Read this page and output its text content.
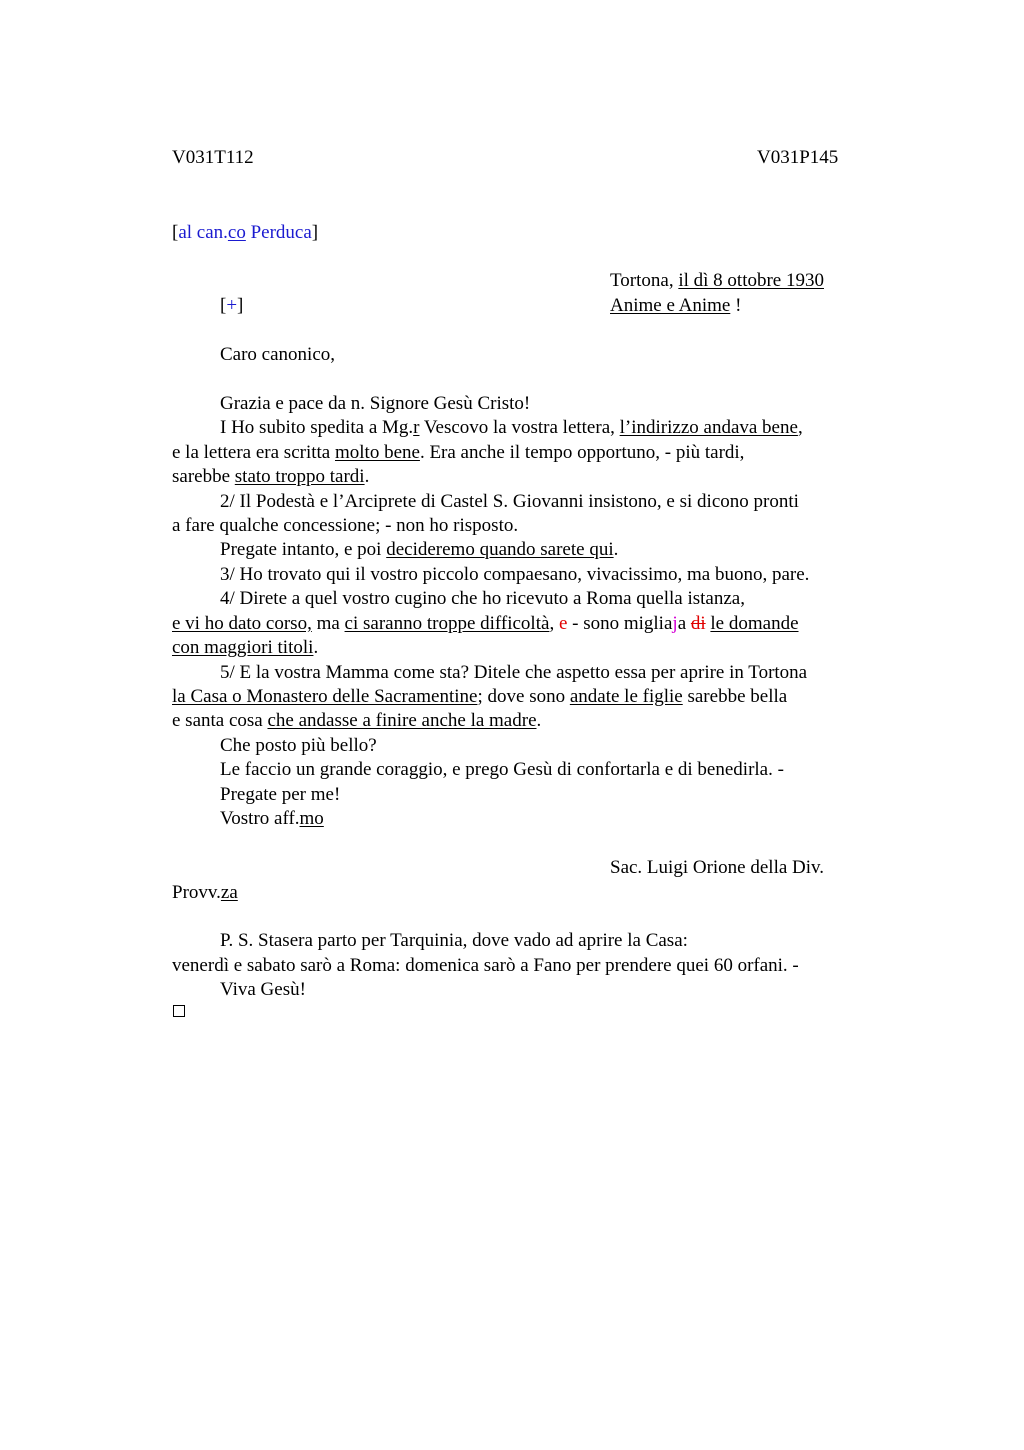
V031T112	V031P145
[al can.co Perduca]
Tortona, il dì 8 ottobre 1930
[+]	Anime e Anime !
Caro canonico,
Grazia e pace da n. Signore Gesù Cristo!
I Ho subito spedita a Mg.r Vescovo la vostra lettera, l’indirizzo andava bene,
e la lettera era scritta molto bene. Era anche il tempo opportuno, - più tardi,
sarebbe stato troppo tardi.
2/ Il Podestà e l’Arciprete di Castel S. Giovanni insistono, e si dicono pronti
a fare qualche concessione; - non ho risposto.
Pregate intanto, e poi decideremo quando sarete qui.
3/ Ho trovato qui il vostro piccolo compaesano, vivacissimo, ma buono, pare.
4/ Direte a quel vostro cugino che ho ricevuto a Roma quella istanza,
e vi ho dato corso, ma ci saranno troppe difficoltà, e - sono migliaja di le domande
con maggiori titoli.
5/ E la vostra Mamma come sta? Ditele che aspetto essa per aprire in Tortona
la Casa o Monastero delle Sacramentine; dove sono andate le figlie sarebbe bella
e santa cosa che andasse a finire anche la madre.
Che posto più bello?
Le faccio un grande coraggio, e prego Gesù di confortarla e di benedirla. -
Pregate per me!
Vostro aff.mo
Sac. Luigi Orione della Div.
Provv.za
P. S. Stasera parto per Tarquinia, dove vado ad aprire la Casa:
venerdì e sabato sarò a Roma: domenica sarò a Fano per prendere quei 60 orfani. -
Viva Gesù!
